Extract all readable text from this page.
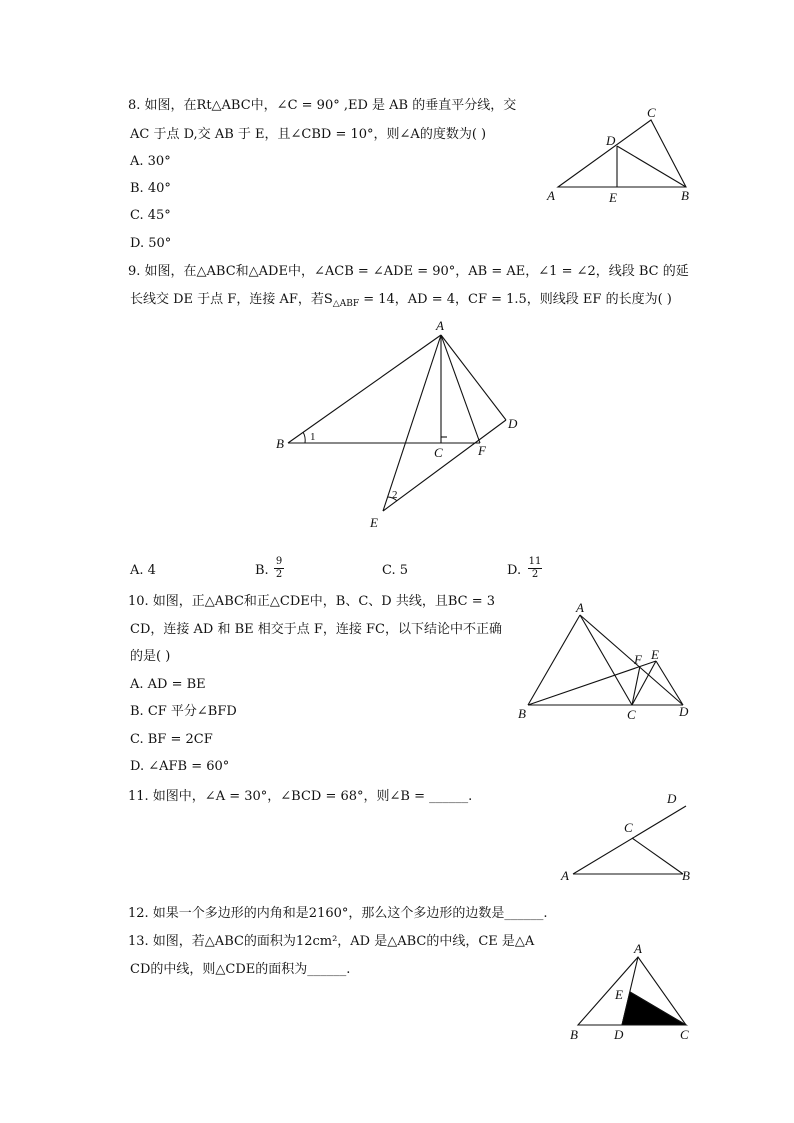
8. 如图，在Rt△ABC中，∠C = 90° ,ED 是 AB 的垂直平分线，交
AC 于点 D,交 AB 于 E，且∠CBD = 10°，则∠A的度数为( )
A. 30°
B. 40°
C. 45°
D. 50°
C
D
A	E	B
9. 如图，在△ABC和△ADE中，∠ACB = ∠ADE = 90°，AB = AE，∠1 = ∠2，线段 BC 的延
长线交 DE 于点 F，连接 AF，若$S_{\triangle ABF} = 14$，AD = 4，CF = 1.5，则线段 EF 的长度为( )
A
B 1
C	F
D
2
E
A. 4	B.
9
2	C. 5	D.
11
2
10. 如图，正△ABC和正△CDE中，B、C、D 共线，且BC = 3
CD，连接 AD 和 BE 相交于点 F，连接 FC，以下结论中不正确
的是( )
A. AD = BE
B. CF 平分∠BFD
C. BF = 2CF
D. ∠AFB = 60°
A
F E
B	C	D
11. 如图中，∠A = 30°，∠BCD = 68°，则∠B = ______.	D
C
A	B
12. 如果一个多边形的内角和是2160°，那么这个多边形的边数是______.
13. 如图，若△ABC的面积为12cm²，AD 是△ABC的中线，CE 是△A
CD的中线，则△CDE的面积为______.
A
E
B	D	C
